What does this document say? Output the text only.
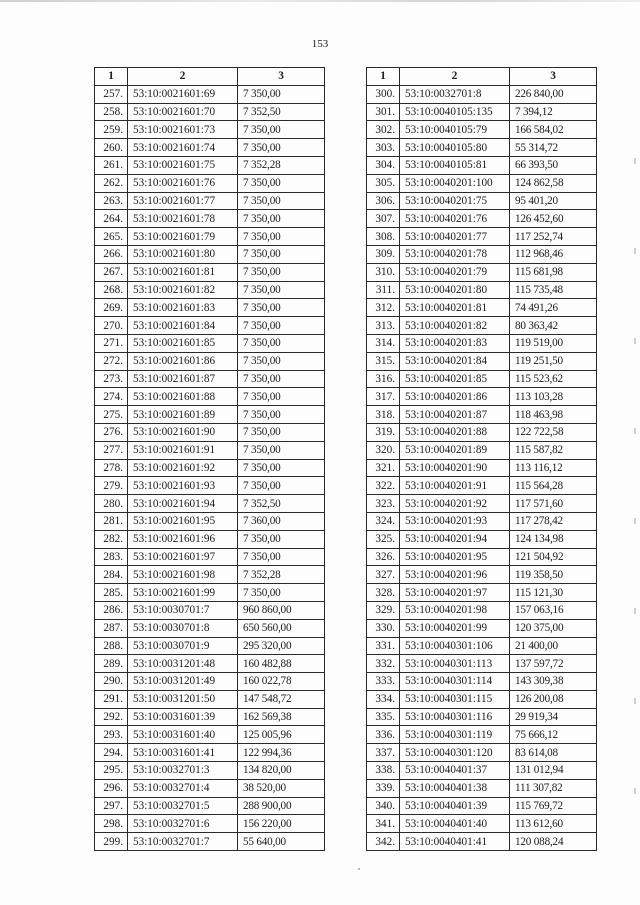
153
1	2	3
257.	53:10:0021601:69	7 350,00
258.	53:10:0021601:70	7 352,50
259.	53:10:0021601:73	7 350,00
260.	53:10:0021601:74	7 350,00
261.	53:10:0021601:75	7 352,28
262.	53:10:0021601:76	7 350,00
263.	53:10:0021601:77	7 350,00
264.	53:10:0021601:78	7 350,00
265.	53:10:0021601:79	7 350,00
266.	53:10:0021601:80	7 350,00
267.	53:10:0021601:81	7 350,00
268.	53:10:0021601:82	7 350,00
269.	53:10:0021601:83	7 350,00
270.	53:10:0021601:84	7 350,00
271.	53:10:0021601:85	7 350,00
272.	53:10:0021601:86	7 350,00
273.	53:10:0021601:87	7 350,00
274.	53:10:0021601:88	7 350,00
275.	53:10:0021601:89	7 350,00
276.	53:10:0021601:90	7 350,00
277.	53:10:0021601:91	7 350,00
278.	53:10:0021601:92	7 350,00
279.	53:10:0021601:93	7 350,00
280.	53:10:0021601:94	7 352,50
281.	53:10:0021601:95	7 360,00
282.	53:10:0021601:96	7 350,00
283.	53:10:0021601:97	7 350,00
284.	53:10:0021601:98	7 352,28
285.	53:10:0021601:99	7 350,00
286.	53:10:0030701:7	960 860,00
287.	53:10:0030701:8	650 560,00
288.	53:10:0030701:9	295 320,00
289.	53:10:0031201:48	160 482,88
290.	53:10:0031201:49	160 022,78
291.	53:10:0031201:50	147 548,72
292.	53:10:0031601:39	162 569,38
293.	53:10:0031601:40	125 005,96
294.	53:10:0031601:41	122 994,36
295.	53:10:0032701:3	134 820,00
296.	53:10:0032701:4	38 520,00
297.	53:10:0032701:5	288 900,00
298.	53:10:0032701:6	156 220,00
299.	53:10:0032701:7	55 640,00
1	2	3
300.	53:10:0032701:8	226 840,00
301.	53:10:0040105:135	7 394,12
302.	53:10:0040105:79	166 584,02
303.	53:10:0040105:80	55 314,72
304.	53:10:0040105:81	66 393,50
305.	53:10:0040201:100	124 862,58
306.	53:10:0040201:75	95 401,20
307.	53:10:0040201:76	126 452,60
308.	53:10:0040201:77	117 252,74
309.	53:10:0040201:78	112 968,46
310.	53:10:0040201:79	115 681,98
311.	53:10:0040201:80	115 735,48
312.	53:10:0040201:81	74 491,26
313.	53:10:0040201:82	80 363,42
314.	53:10:0040201:83	119 519,00
315.	53:10:0040201:84	119 251,50
316.	53:10:0040201:85	115 523,62
317.	53:10:0040201:86	113 103,28
318.	53:10:0040201:87	118 463,98
319.	53:10:0040201:88	122 722,58
320.	53:10:0040201:89	115 587,82
321.	53:10:0040201:90	113 116,12
322.	53:10:0040201:91	115 564,28
323.	53:10:0040201:92	117 571,60
324.	53:10:0040201:93	117 278,42
325.	53:10:0040201:94	124 134,98
326.	53:10:0040201:95	121 504,92
327.	53:10:0040201:96	119 358,50
328.	53:10:0040201:97	115 121,30
329.	53:10:0040201:98	157 063,16
330.	53:10:0040201:99	120 375,00
331.	53:10:0040301:106	21 400,00
332.	53:10:0040301:113	137 597,72
333.	53:10:0040301:114	143 309,38
334.	53:10:0040301:115	126 200,08
335.	53:10:0040301:116	29 919,34
336.	53:10:0040301:119	75 666,12
337.	53:10:0040301:120	83 614,08
338.	53:10:0040401:37	131 012,94
339.	53:10:0040401:38	111 307,82
340.	53:10:0040401:39	115 769,72
341.	53:10:0040401:40	113 612,60
342.	53:10:0040401:41	120 088,24
